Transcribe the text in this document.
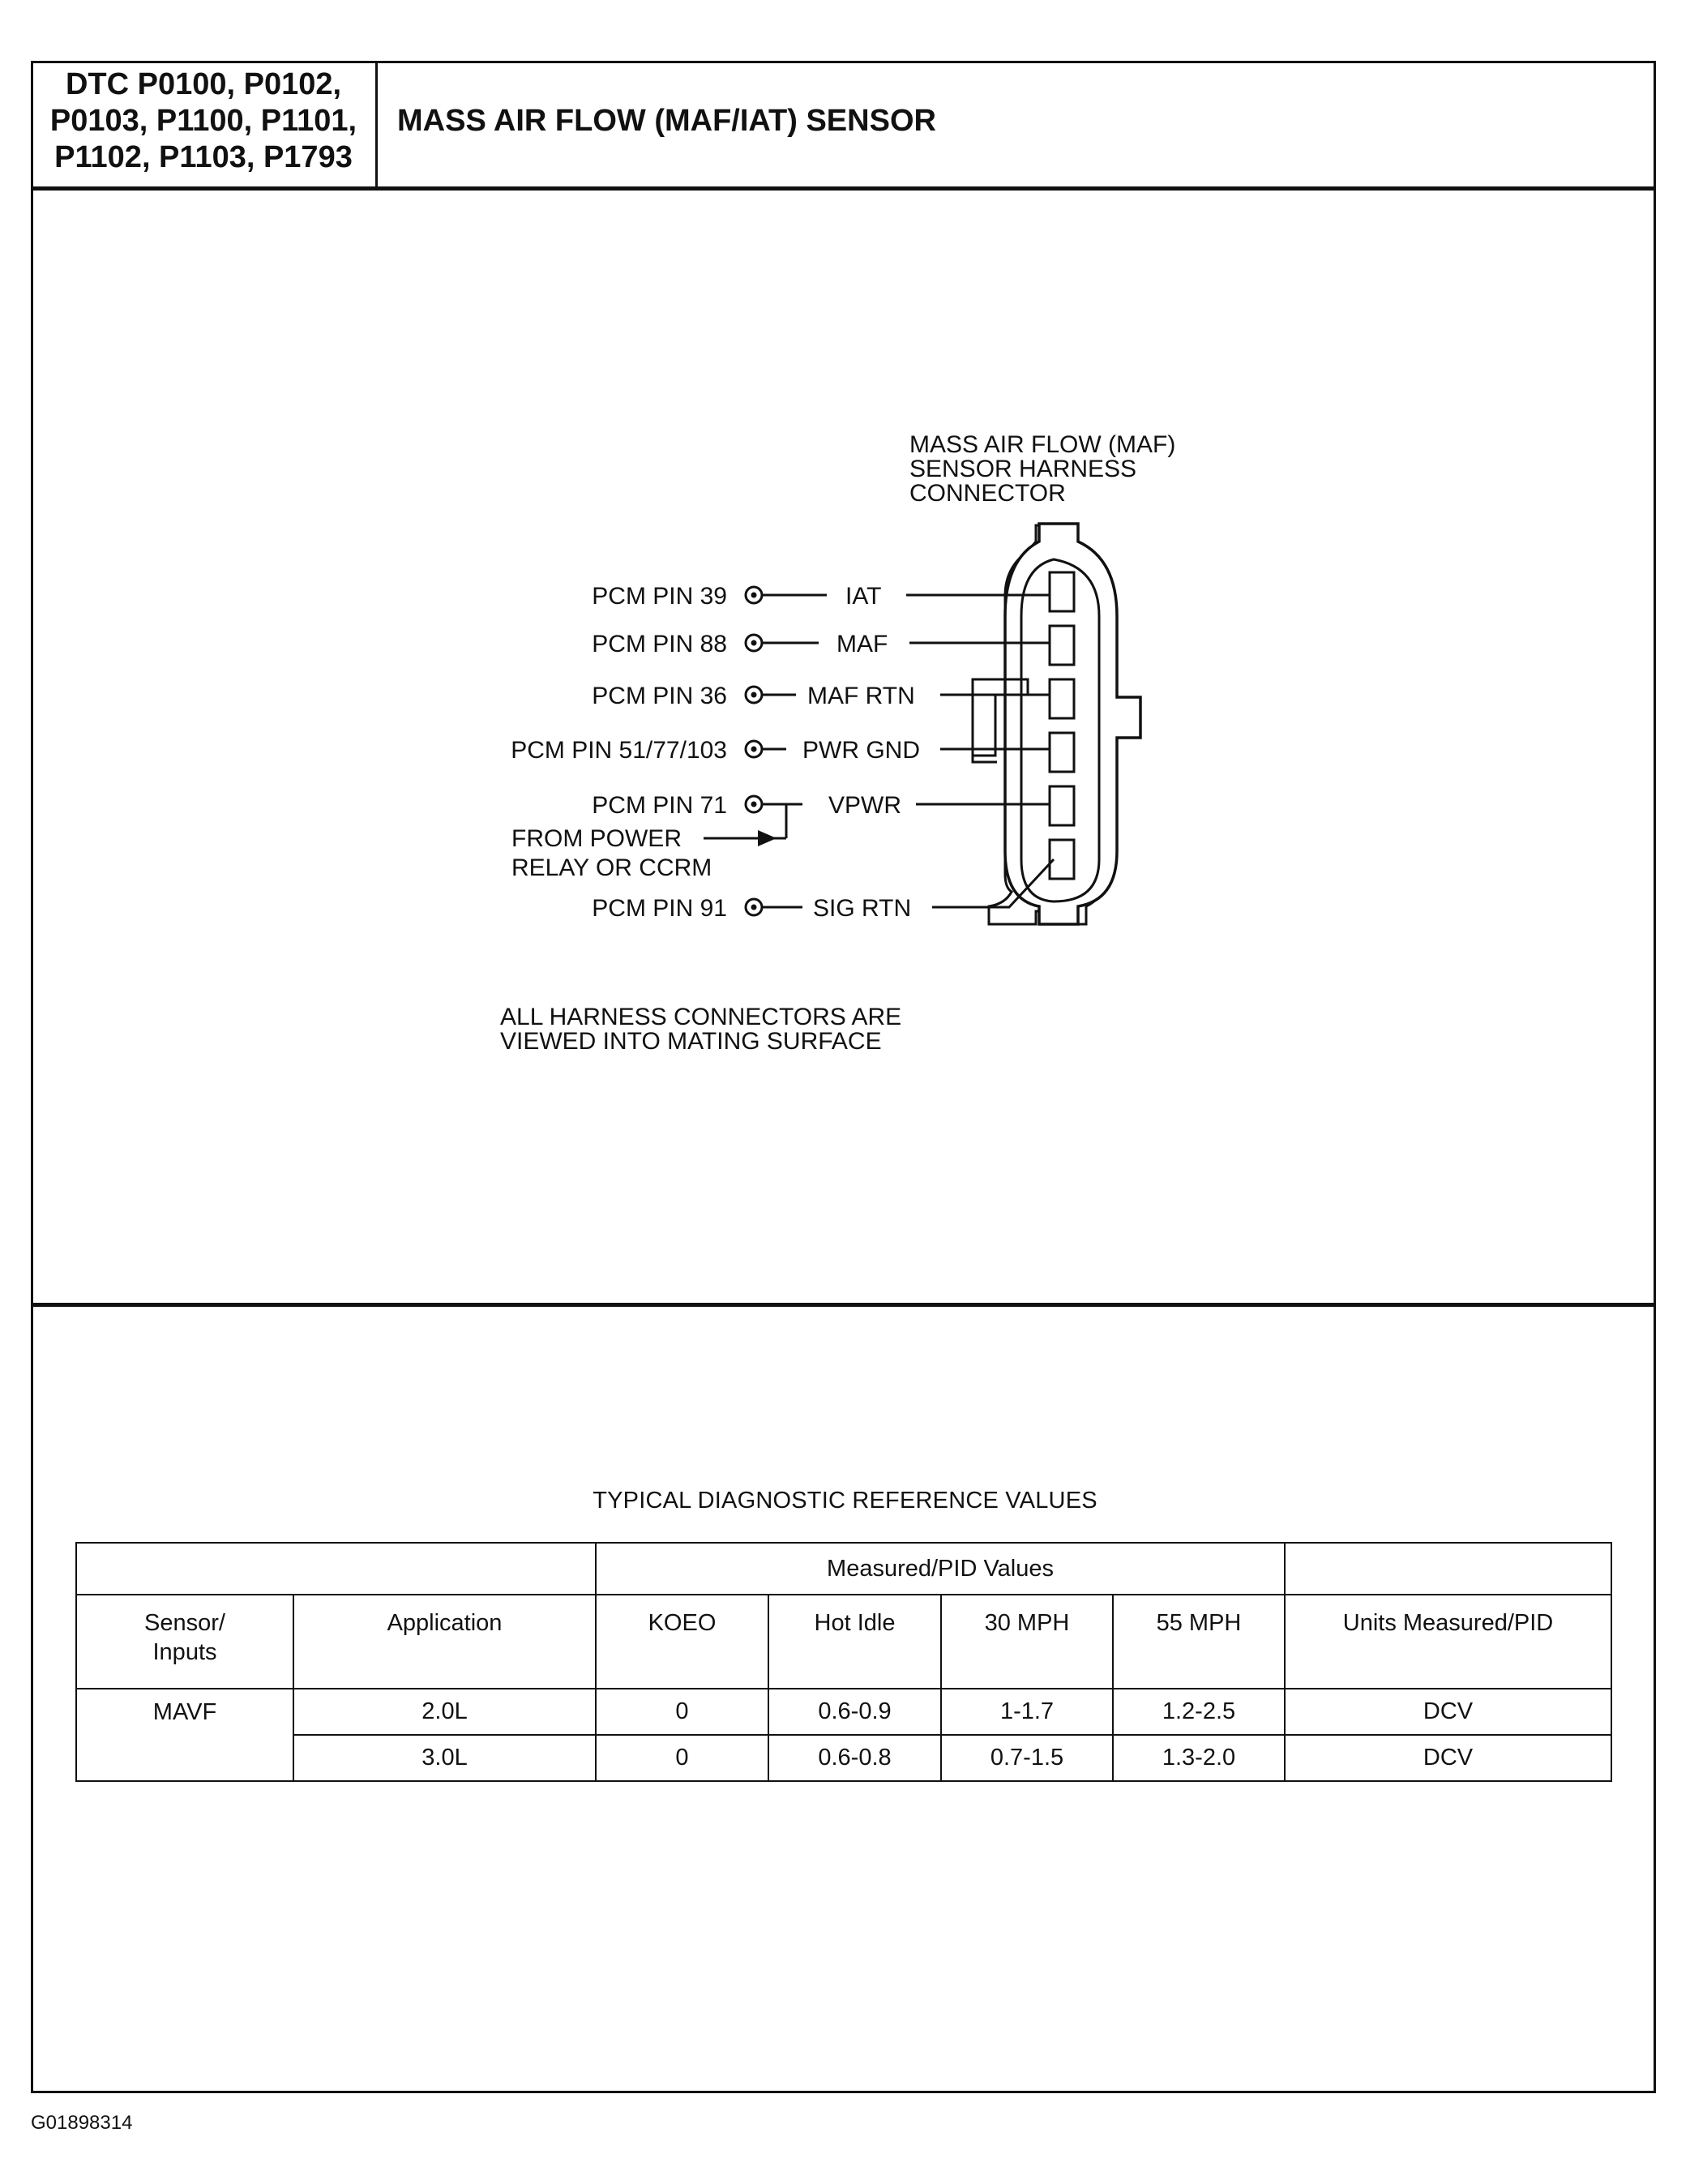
DTC P0100, P0102,
P0103, P1100, P1101,
P1102, P1103, P1793
MASS AIR FLOW (MAF/IAT) SENSOR
MASS AIR FLOW (MAF)
SENSOR HARNESS
CONNECTOR
PCM PIN 39
PCM PIN 88
PCM PIN 36
PCM PIN 51/77/103
PCM PIN 71
PCM PIN 91
IAT
MAF
MAF RTN
PWR GND
VPWR
SIG RTN
FROM POWER
RELAY OR CCRM
ALL HARNESS CONNECTORS ARE
VIEWED INTO MATING SURFACE
TYPICAL DIAGNOSTIC REFERENCE VALUES
		Measured/PID Values				
Sensor/
Inputs	Application	KOEO	Hot Idle	30 MPH	55 MPH	Units Measured/PID
MAVF	2.0L	0	0.6-0.9	1-1.7	1.2-2.5	DCV
	3.0L	0	0.6-0.8	0.7-1.5	1.3-2.0	DCV
G01898314
